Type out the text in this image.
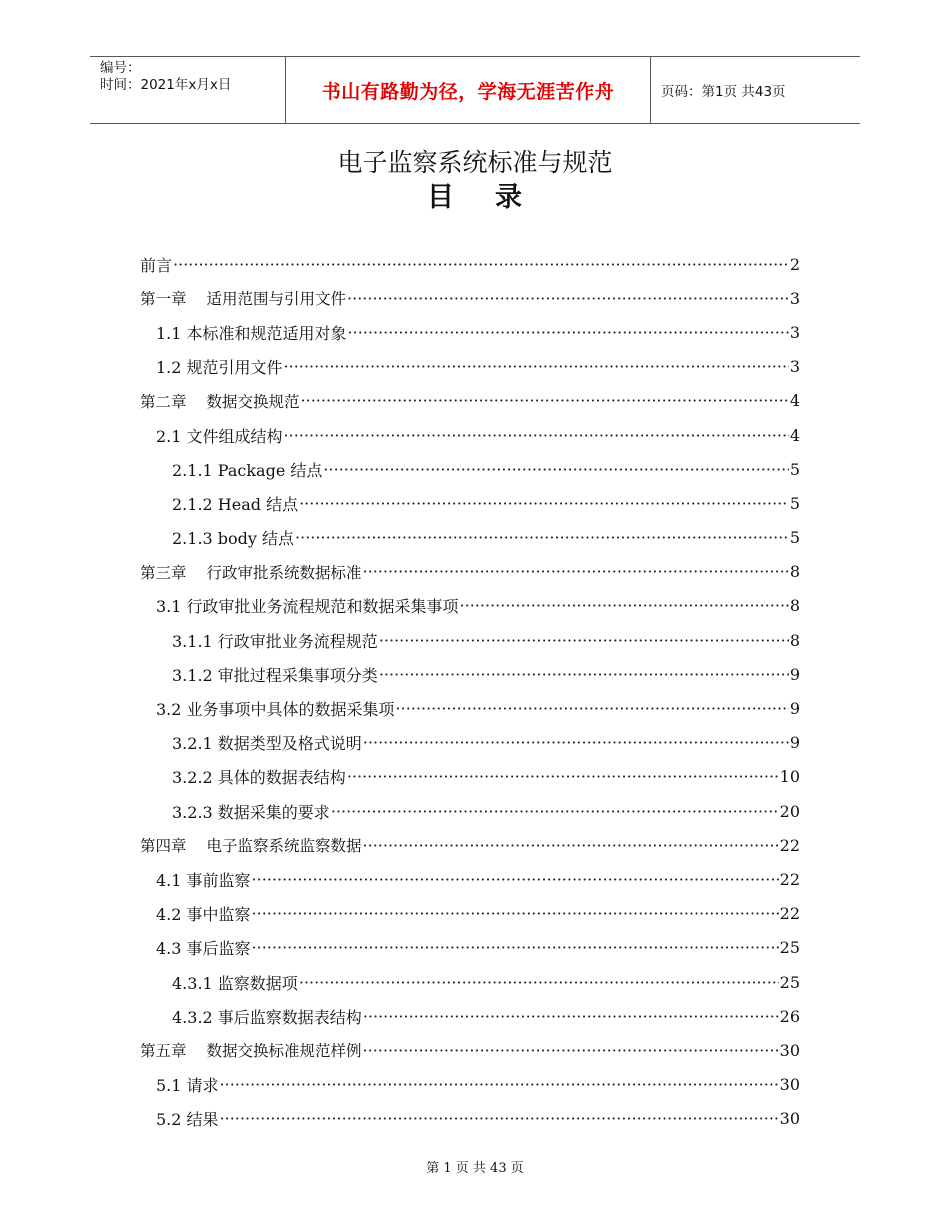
编号：
时间：2021年x月x日	书山有路勤为径，学海无涯苦作舟	页码：第1页 共43页
电子监察系统标准与规范
目 录
前言 ·····	2
第一章 适用范围与引用文件 ·····	3
1.1 本标准和规范适用对象 ·····	3
1.2 规范引用文件 ·····	3
第二章 数据交换规范 ·····	4
2.1 文件组成结构 ·····	4
2.1.1 Package 结点 ·····	5
2.1.2 Head 结点 ·····	5
2.1.3 body 结点 ·····	5
第三章 行政审批系统数据标准 ·····	8
3.1 行政审批业务流程规范和数据采集事项 ·····	8
3.1.1 行政审批业务流程规范 ·····	8
3.1.2 审批过程采集事项分类 ·····	9
3.2 业务事项中具体的数据采集项 ·····	9
3.2.1 数据类型及格式说明 ·····	9
3.2.2 具体的数据表结构 ·····	10
3.2.3 数据采集的要求 ·····	20
第四章 电子监察系统监察数据 ·····	22
4.1 事前监察 ·····	22
4.2 事中监察 ·····	22
4.3 事后监察 ·····	25
4.3.1 监察数据项 ·····	25
4.3.2 事后监察数据表结构 ·····	26
第五章 数据交换标准规范样例 ·····	30
5.1 请求 ·····	30
5.2 结果 ·····	30
第 1 页 共 43 页
